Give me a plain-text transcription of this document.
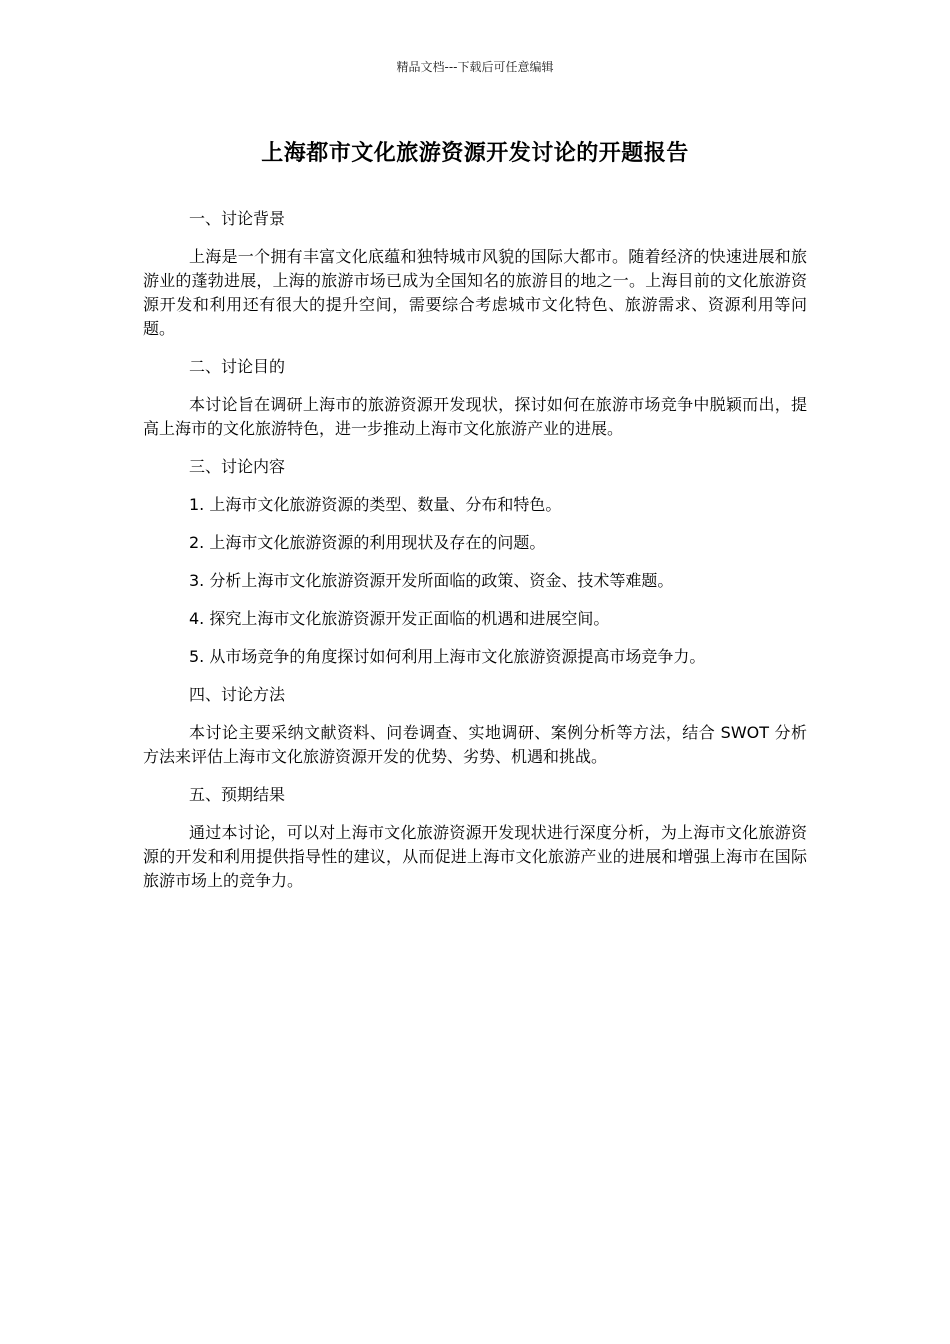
精品文档---下载后可任意编辑
上海都市文化旅游资源开发讨论的开题报告

一、讨论背景

上海是一个拥有丰富文化底蕴和独特城市风貌的国际大都市。随着经济的快速进展和旅游业的蓬勃进展，上海的旅游市场已成为全国知名的旅游目的地之一。上海目前的文化旅游资源开发和利用还有很大的提升空间，需要综合考虑城市文化特色、旅游需求、资源利用等问题。

二、讨论目的

本讨论旨在调研上海市的旅游资源开发现状，探讨如何在旅游市场竞争中脱颖而出，提高上海市的文化旅游特色，进一步推动上海市文化旅游产业的进展。

三、讨论内容

1. 上海市文化旅游资源的类型、数量、分布和特色。

2. 上海市文化旅游资源的利用现状及存在的问题。

3. 分析上海市文化旅游资源开发所面临的政策、资金、技术等难题。

4. 探究上海市文化旅游资源开发正面临的机遇和进展空间。

5. 从市场竞争的角度探讨如何利用上海市文化旅游资源提高市场竞争力。

四、讨论方法

本讨论主要采纳文献资料、问卷调查、实地调研、案例分析等方法，结合 SWOT 分析方法来评估上海市文化旅游资源开发的优势、劣势、机遇和挑战。

五、预期结果

通过本讨论，可以对上海市文化旅游资源开发现状进行深度分析，为上海市文化旅游资源的开发和利用提供指导性的建议，从而促进上海市文化旅游产业的进展和增强上海市在国际旅游市场上的竞争力。
